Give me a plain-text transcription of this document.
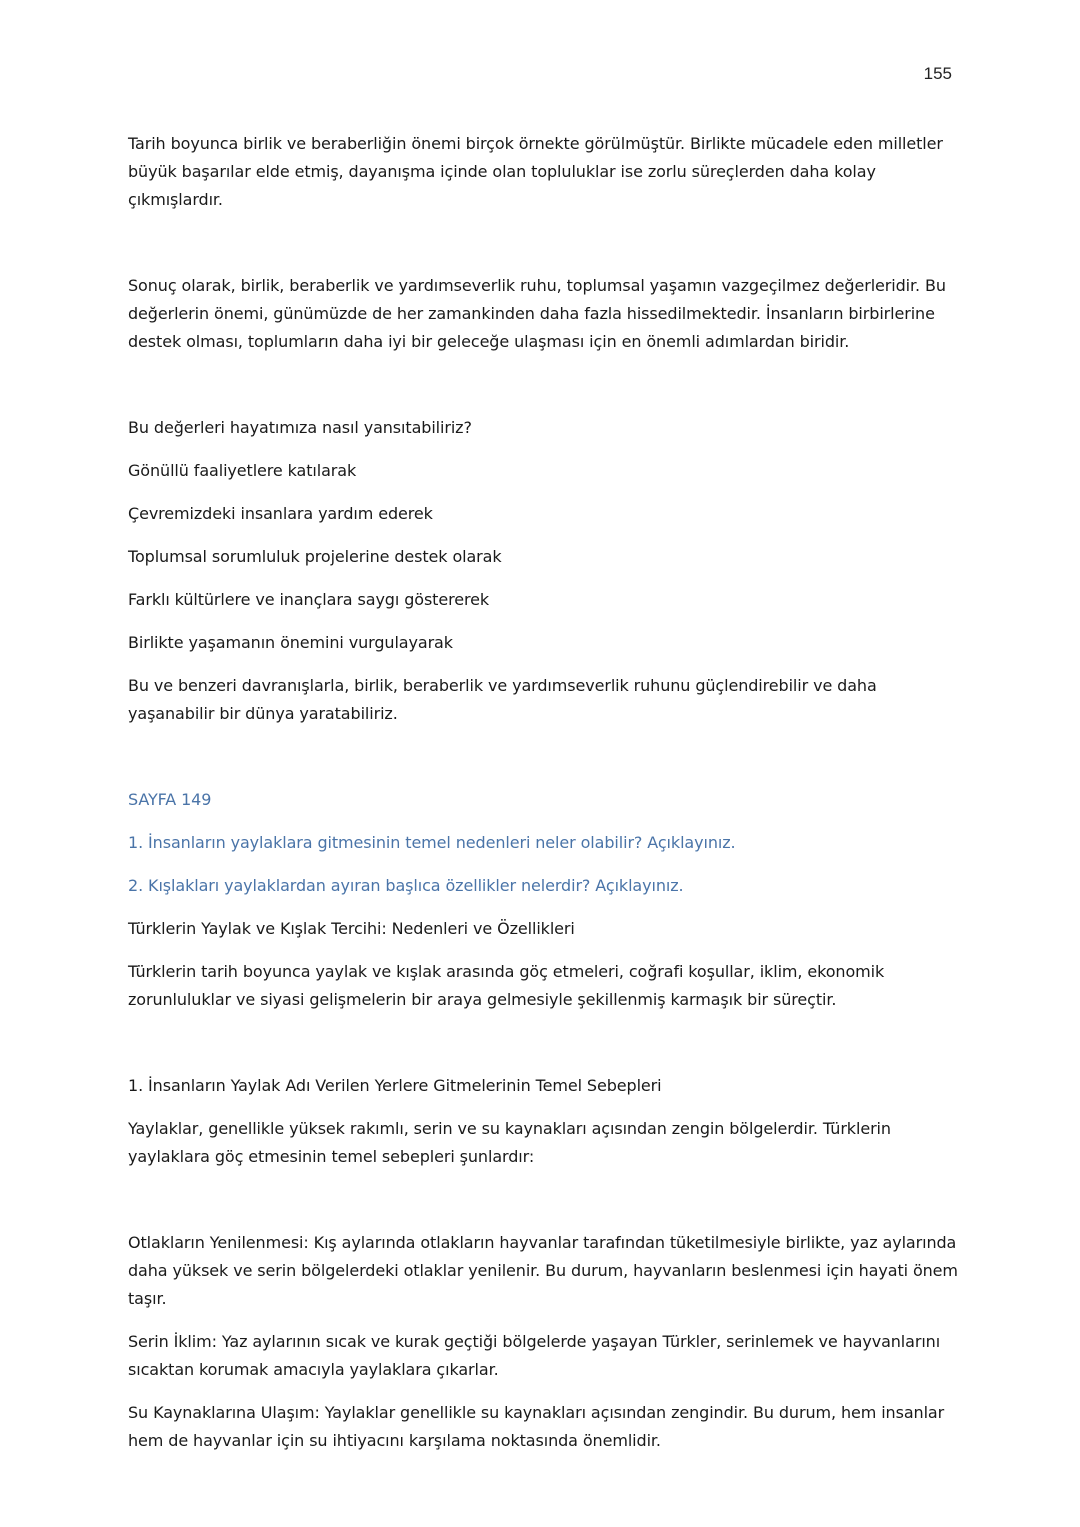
155

Tarih boyunca birlik ve beraberliğin önemi birçok örnekte görülmüştür. Birlikte mücadele eden milletler büyük başarılar elde etmiş, dayanışma içinde olan topluluklar ise zorlu süreçlerden daha kolay çıkmışlardır.

Sonuç olarak, birlik, beraberlik ve yardımseverlik ruhu, toplumsal yaşamın vazgeçilmez değerleridir. Bu değerlerin önemi, günümüzde de her zamankinden daha fazla hissedilmektedir. İnsanların birbirlerine destek olması, toplumların daha iyi bir geleceğe ulaşması için en önemli adımlardan biridir.

Bu değerleri hayatımıza nasıl yansıtabiliriz?

Gönüllü faaliyetlere katılarak

Çevremizdeki insanlara yardım ederek

Toplumsal sorumluluk projelerine destek olarak

Farklı kültürlere ve inançlara saygı göstererek

Birlikte yaşamanın önemini vurgulayarak

Bu ve benzeri davranışlarla, birlik, beraberlik ve yardımseverlik ruhunu güçlendirebilir ve daha yaşanabilir bir dünya yaratabiliriz.

SAYFA 149

1. İnsanların yaylaklara gitmesinin temel nedenleri neler olabilir? Açıklayınız.

2. Kışlakları yaylaklardan ayıran başlıca özellikler nelerdir? Açıklayınız.

Türklerin Yaylak ve Kışlak Tercihi: Nedenleri ve Özellikleri

Türklerin tarih boyunca yaylak ve kışlak arasında göç etmeleri, coğrafi koşullar, iklim, ekonomik zorunluluklar ve siyasi gelişmelerin bir araya gelmesiyle şekillenmiş karmaşık bir süreçtir.

1. İnsanların Yaylak Adı Verilen Yerlere Gitmelerinin Temel Sebepleri

Yaylaklar, genellikle yüksek rakımlı, serin ve su kaynakları açısından zengin bölgelerdir. Türklerin yaylaklara göç etmesinin temel sebepleri şunlardır:

Otlakların Yenilenmesi: Kış aylarında otlakların hayvanlar tarafından tüketilmesiyle birlikte, yaz aylarında daha yüksek ve serin bölgelerdeki otlaklar yenilenir. Bu durum, hayvanların beslenmesi için hayati önem taşır.

Serin İklim: Yaz aylarının sıcak ve kurak geçtiği bölgelerde yaşayan Türkler, serinlemek ve hayvanlarını sıcaktan korumak amacıyla yaylaklara çıkarlar.

Su Kaynaklarına Ulaşım: Yaylaklar genellikle su kaynakları açısından zengindir. Bu durum, hem insanlar hem de hayvanlar için su ihtiyacını karşılama noktasında önemlidir.
